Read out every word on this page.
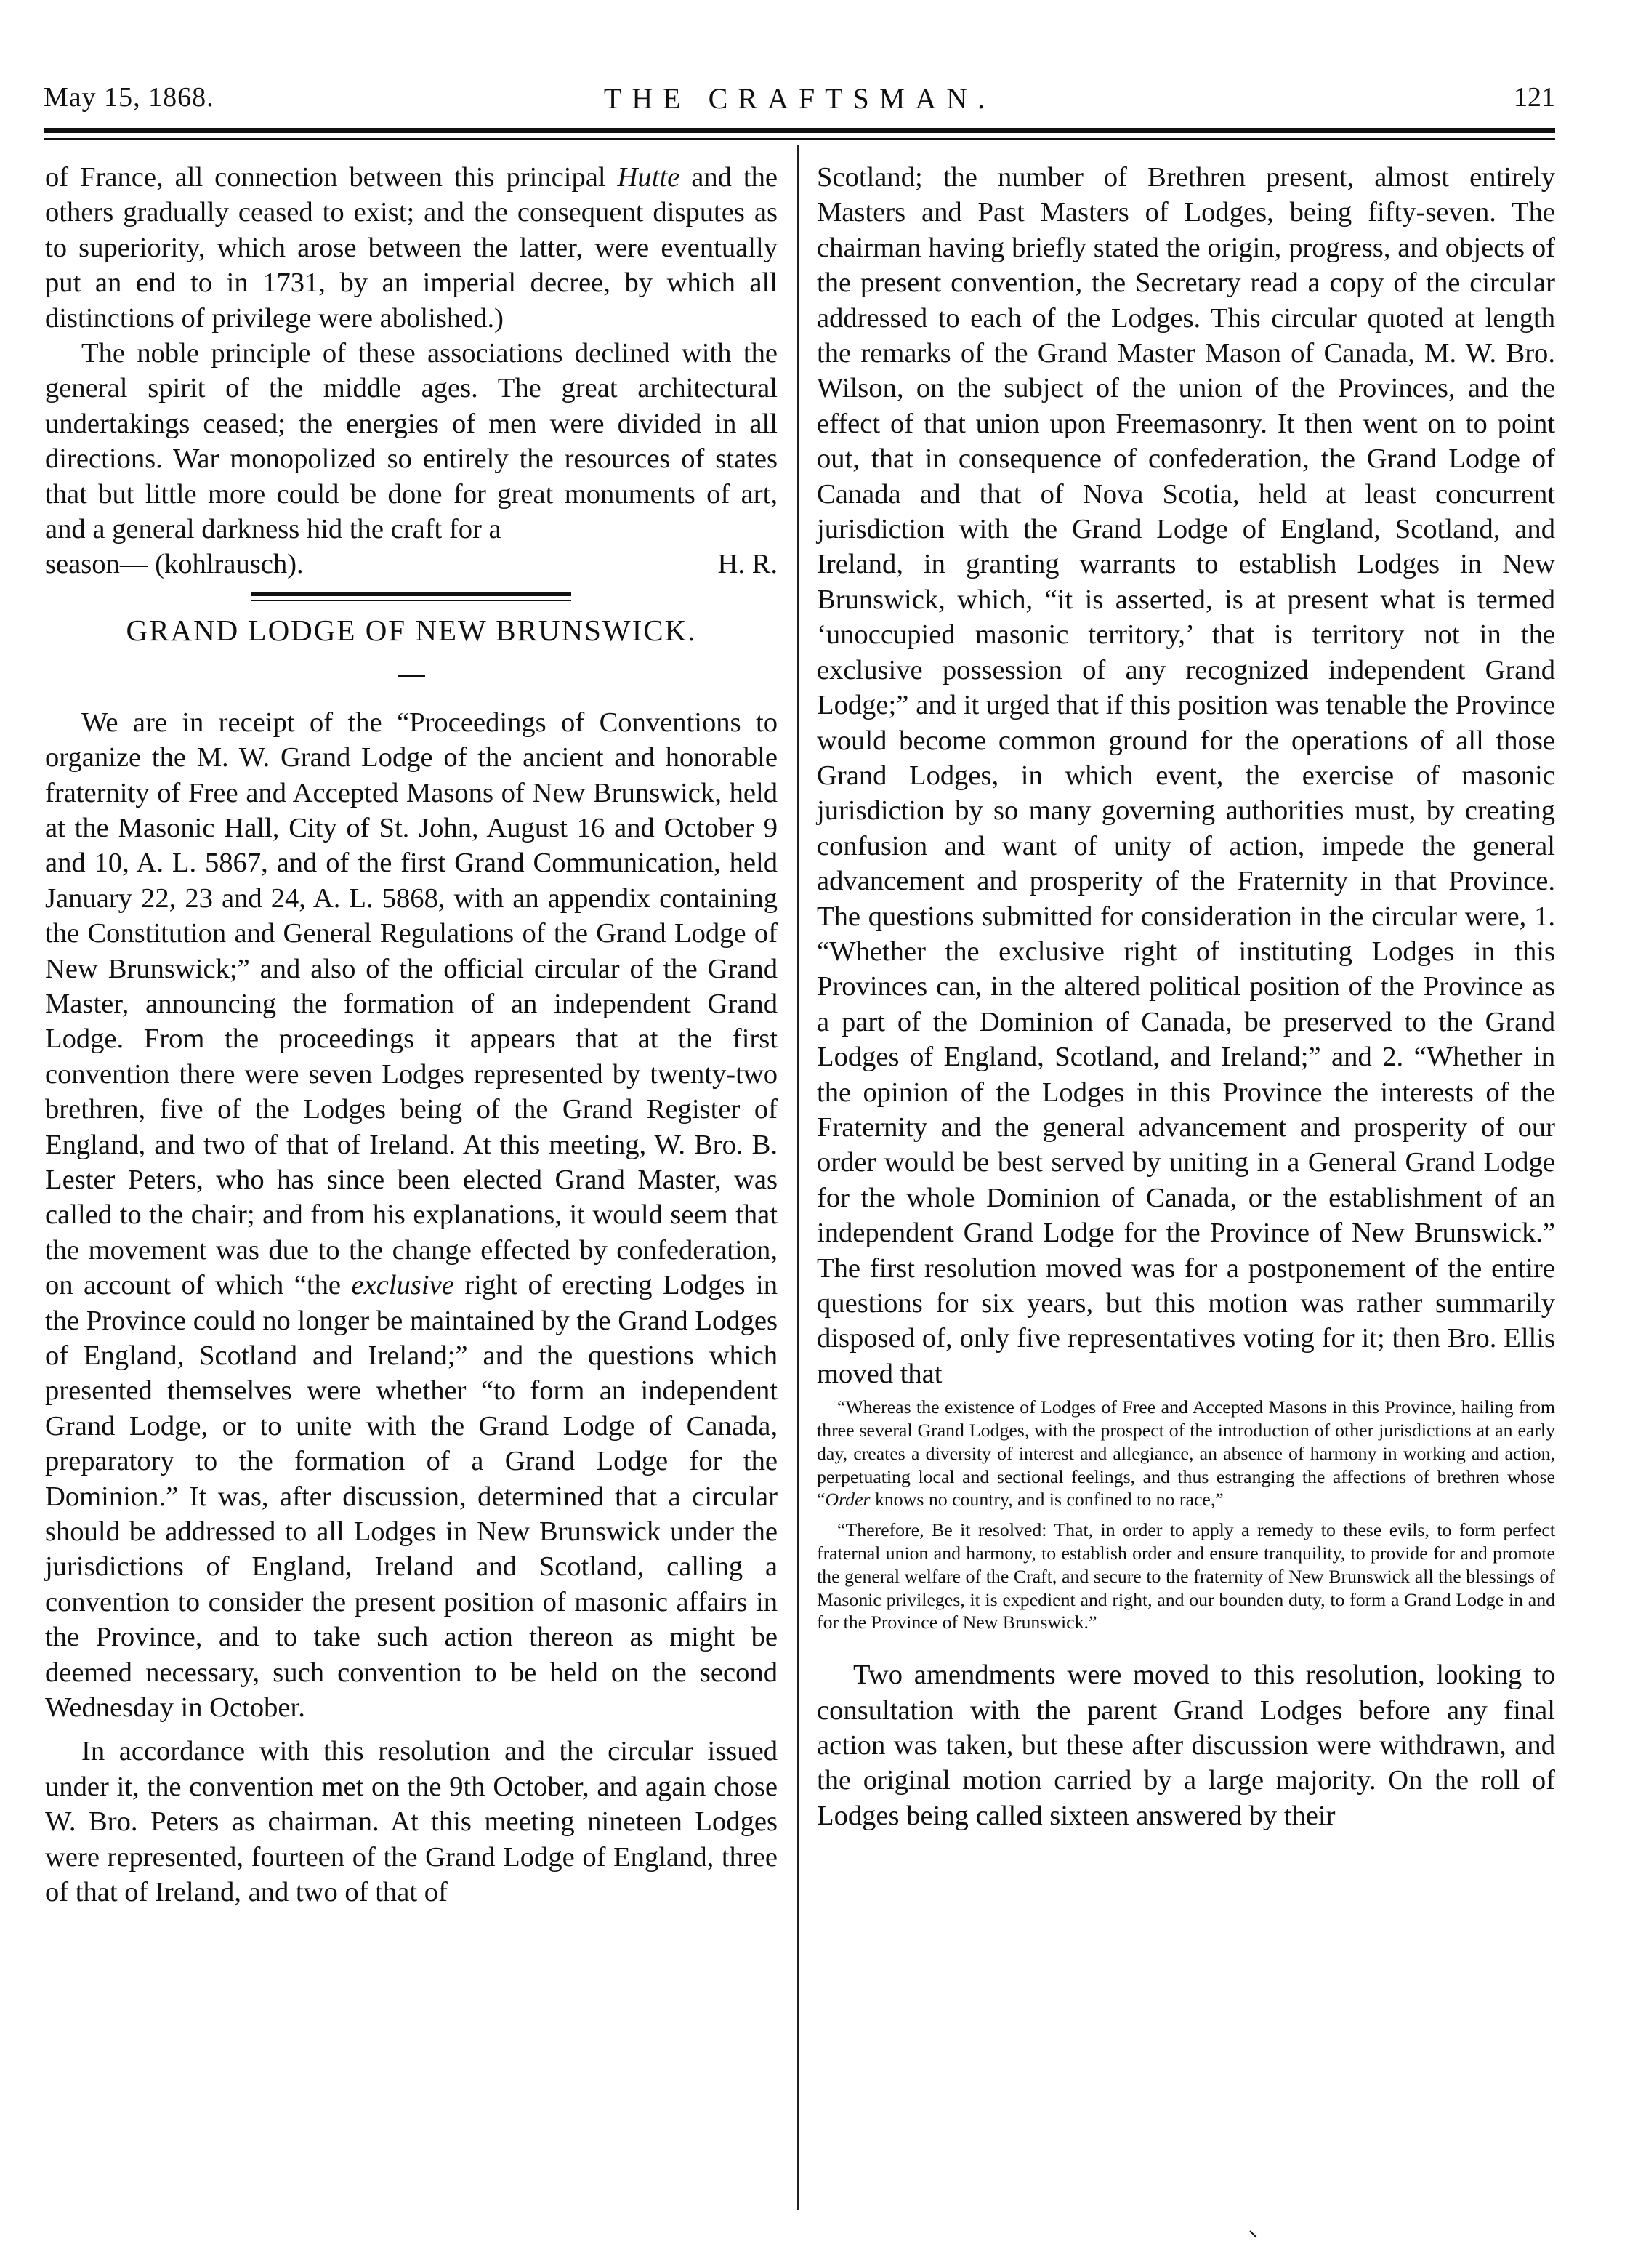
May 15, 1868.	THE CRAFTSMAN.	121

of France, all connection between this principal Hutte and the others gradually ceased to exist; and the consequent disputes as to superiority, which arose between the latter, were eventually put an end to in 1731, by an imperial decree, by which all distinctions of privilege were abolished.)

The noble principle of these associations declined with the general spirit of the middle ages. The great architectural undertakings ceased; the energies of men were divided in all directions. War monopolized so entirely the resources of states that but little more could be done for great monuments of art, and a general darkness hid the craft for a

season— (kohlrausch).	H. R.
GRAND LODGE OF NEW BRUNSWICK.

We are in receipt of the “Proceedings of Conventions to organize the M. W. Grand Lodge of the ancient and honorable fraternity of Free and Accepted Masons of New Brunswick, held at the Masonic Hall, City of St. John, August 16 and October 9 and 10, A. L. 5867, and of the first Grand Communication, held January 22, 23 and 24, A. L. 5868, with an appendix containing the Constitution and General Regulations of the Grand Lodge of New Brunswick;” and also of the official circular of the Grand Master, announcing the formation of an independent Grand Lodge. From the proceedings it appears that at the first convention there were seven Lodges represented by twenty-two brethren, five of the Lodges being of the Grand Register of England, and two of that of Ireland. At this meeting, W. Bro. B. Lester Peters, who has since been elected Grand Master, was called to the chair; and from his explanations, it would seem that the movement was due to the change effected by confederation, on account of which “the exclusive right of erecting Lodges in the Province could no longer be maintained by the Grand Lodges of England, Scotland and Ireland;” and the questions which presented themselves were whether “to form an independent Grand Lodge, or to unite with the Grand Lodge of Canada, preparatory to the formation of a Grand Lodge for the Dominion.” It was, after discussion, determined that a circular should be addressed to all Lodges in New Brunswick under the jurisdictions of England, Ireland and Scotland, calling a convention to consider the present position of masonic affairs in the Province, and to take such action thereon as might be deemed necessary, such convention to be held on the second Wednesday in October.

In accordance with this resolution and the circular issued under it, the convention met on the 9th October, and again chose W. Bro. Peters as chairman. At this meeting nineteen Lodges were represented, fourteen of the Grand Lodge of England, three of that of Ireland, and two of that of

Scotland; the number of Brethren present, almost entirely Masters and Past Masters of Lodges, being fifty-seven. The chairman having briefly stated the origin, progress, and objects of the present convention, the Secretary read a copy of the circular addressed to each of the Lodges. This circular quoted at length the remarks of the Grand Master Mason of Canada, M. W. Bro. Wilson, on the subject of the union of the Provinces, and the effect of that union upon Freemasonry. It then went on to point out, that in consequence of confederation, the Grand Lodge of Canada and that of Nova Scotia, held at least concurrent jurisdiction with the Grand Lodge of England, Scotland, and Ireland, in granting warrants to establish Lodges in New Brunswick, which, “it is asserted, is at present what is termed ‘unoccupied masonic territory,’ that is territory not in the exclusive possession of any recognized independent Grand Lodge;” and it urged that if this position was tenable the Province would become common ground for the operations of all those Grand Lodges, in which event, the exercise of masonic jurisdiction by so many governing authorities must, by creating confusion and want of unity of action, impede the general advancement and prosperity of the Fraternity in that Province. The questions submitted for consideration in the circular were, 1. “Whether the exclusive right of instituting Lodges in this Provinces can, in the altered political position of the Province as a part of the Dominion of Canada, be preserved to the Grand Lodges of England, Scotland, and Ireland;” and 2. “Whether in the opinion of the Lodges in this Province the interests of the Fraternity and the general advancement and prosperity of our order would be best served by uniting in a General Grand Lodge for the whole Dominion of Canada, or the establishment of an independent Grand Lodge for the Province of New Brunswick.” The first resolution moved was for a postponement of the entire questions for six years, but this motion was rather summarily disposed of, only five representatives voting for it; then Bro. Ellis moved that

“Whereas the existence of Lodges of Free and Accepted Masons in this Province, hailing from three several Grand Lodges, with the prospect of the introduction of other jurisdictions at an early day, creates a diversity of interest and allegiance, an absence of harmony in working and action, perpetuating local and sectional feelings, and thus estranging the affections of brethren whose “Order knows no country, and is confined to no race,”

“Therefore, Be it resolved: That, in order to apply a remedy to these evils, to form perfect fraternal union and harmony, to establish order and ensure tranquility, to provide for and promote the general welfare of the Craft, and secure to the fraternity of New Brunswick all the blessings of Masonic privileges, it is expedient and right, and our bounden duty, to form a Grand Lodge in and for the Province of New Brunswick.”

Two amendments were moved to this resolution, looking to consultation with the parent Grand Lodges before any final action was taken, but these after discussion were withdrawn, and the original motion carried by a large majority. On the roll of Lodges being called sixteen answered by their
